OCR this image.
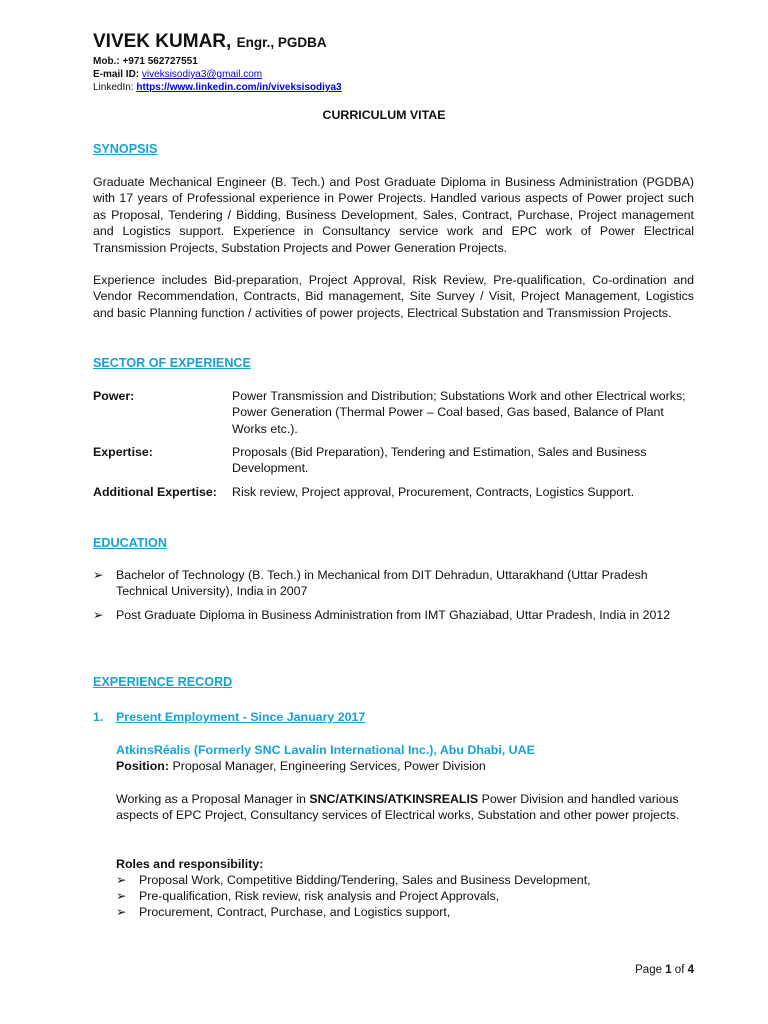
VIVEK KUMAR, Engr., PGDBA
Mob.: +971 562727551
E-mail ID: viveksisodiya3@gmail.com
LinkedIn: https://www.linkedin.com/in/viveksisodiya3
CURRICULUM VITAE
SYNOPSIS
Graduate Mechanical Engineer (B. Tech.) and Post Graduate Diploma in Business Administration (PGDBA) with 17 years of Professional experience in Power Projects. Handled various aspects of Power project such as Proposal, Tendering / Bidding, Business Development, Sales, Contract, Purchase, Project management and Logistics support. Experience in Consultancy service work and EPC work of Power Electrical Transmission Projects, Substation Projects and Power Generation Projects.
Experience includes Bid-preparation, Project Approval, Risk Review, Pre-qualification, Co-ordination and Vendor Recommendation, Contracts, Bid management, Site Survey / Visit, Project Management, Logistics and basic Planning function / activities of power projects, Electrical Substation and Transmission Projects.
SECTOR OF EXPERIENCE
Power:	Power Transmission and Distribution; Substations Work and other Electrical works; Power Generation (Thermal Power – Coal based, Gas based, Balance of Plant Works etc.).
Expertise:	Proposals (Bid Preparation), Tendering and Estimation, Sales and Business Development.
Additional Expertise: Risk review, Project approval, Procurement, Contracts, Logistics Support.
EDUCATION
➢ Bachelor of Technology (B. Tech.) in Mechanical from DIT Dehradun, Uttarakhand (Uttar Pradesh Technical University), India in 2007
➢ Post Graduate Diploma in Business Administration from IMT Ghaziabad, Uttar Pradesh, India in 2012
EXPERIENCE RECORD
1. Present Employment - Since January 2017
AtkinsRéalis (Formerly SNC Lavalin International Inc.), Abu Dhabi, UAE
Position: Proposal Manager, Engineering Services, Power Division
Working as a Proposal Manager in SNC/ATKINS/ATKINSREALIS Power Division and handled various aspects of EPC Project, Consultancy services of Electrical works, Substation and other power projects.
Roles and responsibility:
➢ Proposal Work, Competitive Bidding/Tendering, Sales and Business Development,
➢ Pre-qualification, Risk review, risk analysis and Project Approvals,
➢ Procurement, Contract, Purchase, and Logistics support,
Page 1 of 4
